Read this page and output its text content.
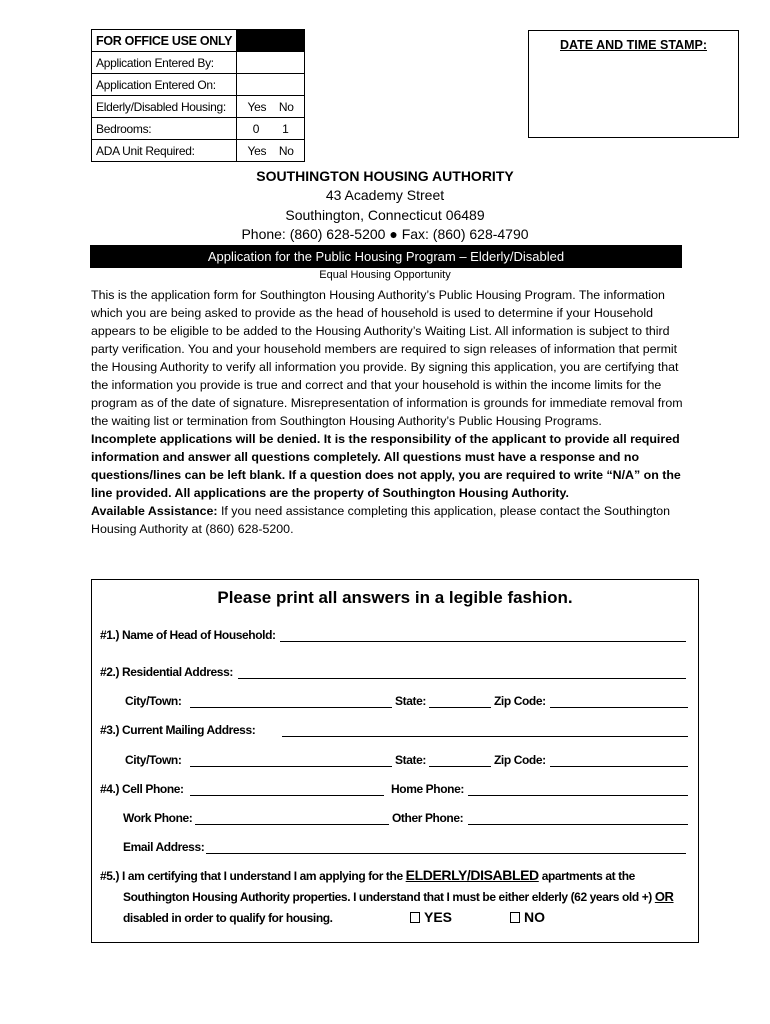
FOR OFFICE USE ONLY	
Application Entered By:	
Application Entered On:	
Elderly/Disabled Housing:	Yes No

Bedrooms:	0 1

ADA Unit Required:	Yes No
DATE AND TIME STAMP:
SOUTHINGTON HOUSING AUTHORITY
43 Academy Street
Southington, Connecticut 06489
Phone: (860) 628-5200 ● Fax: (860) 628-4790
Application for the Public Housing Program – Elderly/Disabled
Equal Housing Opportunity

This is the application form for Southington Housing Authority’s Public Housing Program. The information which you are being asked to provide as the head of household is used to determine if your Household appears to be eligible to be added to the Housing Authority’s Waiting List. All information is subject to third party verification. You and your household members are required to sign releases of information that permit the Housing Authority to verify all information you provide. By signing this application, you are certifying that the information you provide is true and correct and that your household is within the income limits for the program as of the date of signature. Misrepresentation of information is grounds for immediate removal from the waiting list or termination from Southington Housing Authority’s Public Housing Programs.

Incomplete applications will be denied. It is the responsibility of the applicant to provide all required information and answer all questions completely. All questions must have a response and no questions/lines can be left blank. If a question does not apply, you are required to write “N/A” on the line provided. All applications are the property of Southington Housing Authority.

Available Assistance: If you need assistance completing this application, please contact the Southington Housing Authority at (860) 628-5200.

Please print all answers in a legible fashion.
#1.) Name of Head of Household:
#2.) Residential Address:
City/Town:	State:	Zip Code:
#3.) Current Mailing Address:
City/Town:	State:	Zip Code:
#4.) Cell Phone:	Home Phone:
Work Phone:	Other Phone:
Email Address:
#5.) I am certifying that I understand I am applying for the ELDERLY/DISABLED apartments at the
Southington Housing Authority properties. I understand that I must be either elderly (62 years old +) OR
disabled in order to qualify for housing.	YES	NO
